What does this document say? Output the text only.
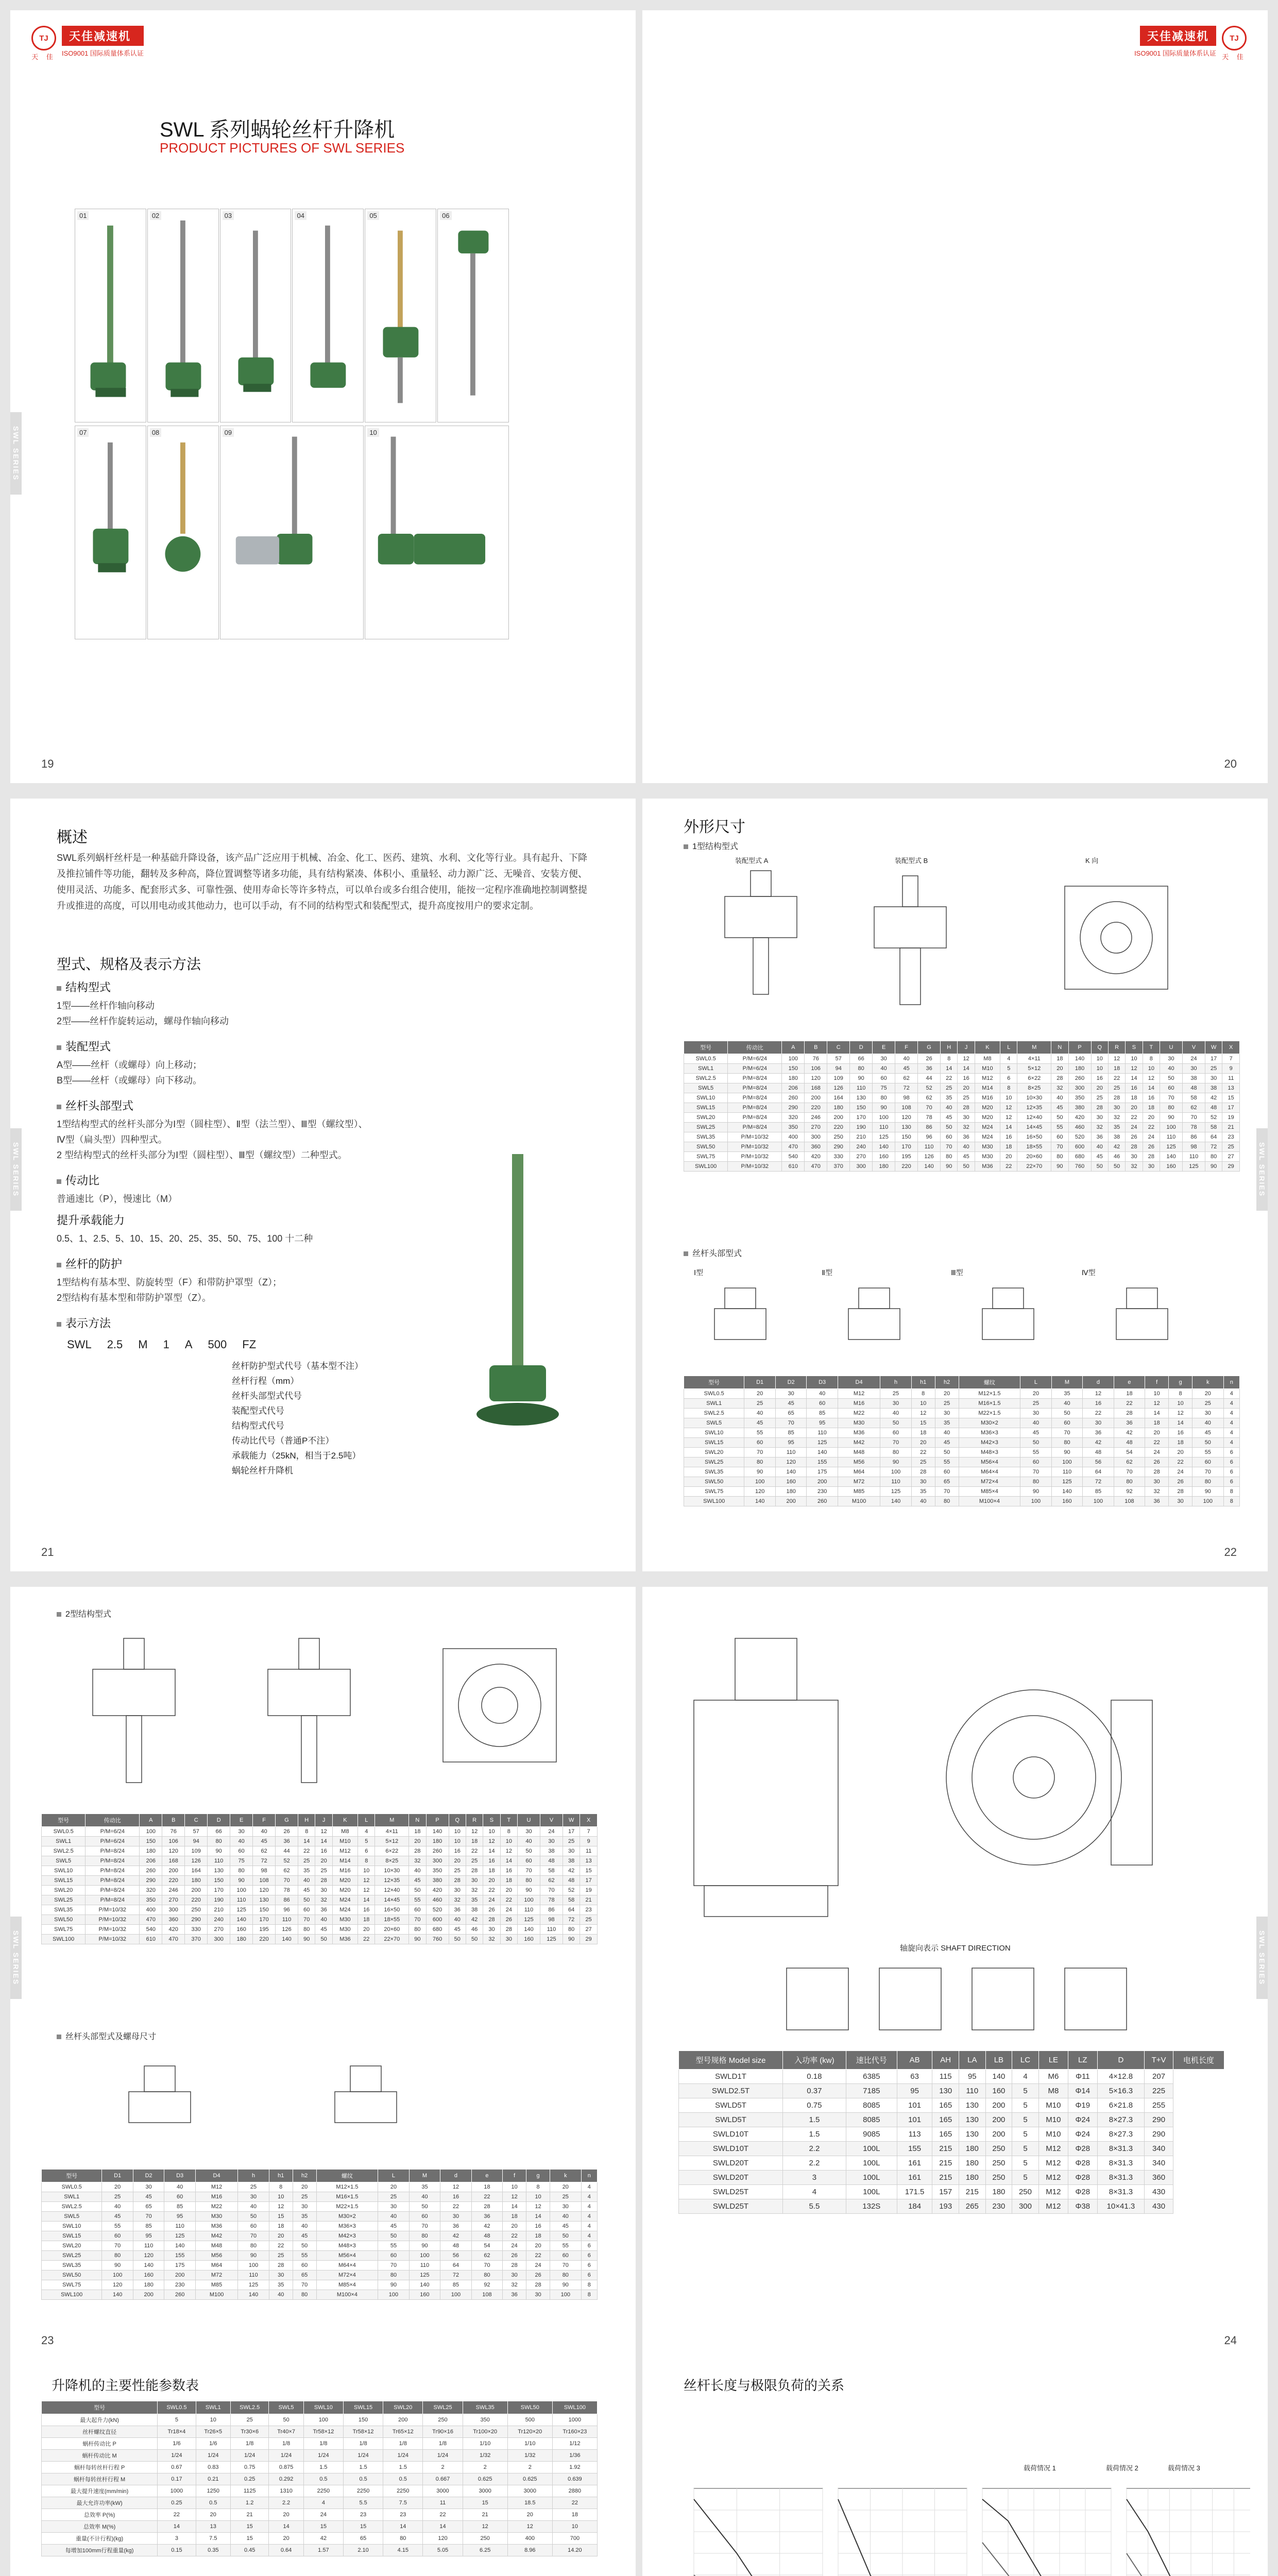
TJ
天 佳
天佳减速机
ISO9001 国际质量体系认证
SWL SERIES
SWL 系列蜗轮丝杆升降机
PRODUCT PICTURES OF SWL SERIES
19
TJ
天 佳
天佳减速机
ISO9001 国际质量体系认证
20
01	02	03	04	05	06
07	08	09	10
SWL SERIES
概述
SWL系列蜗杆丝杆是一种基础升降设备，该产品广泛应用于机械、冶金、化工、医药、建筑、水利、文化等行业。具有起升、下降及推拉铺件等功能，翻转及多种高，降位置调整等诸多功能，具有结构紧凑、体积小、重量轻、动力源广泛、无噪音、安装方便、使用灵活、功能多、配套形式多、可靠性强、使用寿命长等许多特点，可以单台或多台组合使用，能按一定程序准确地控制调整提升或推进的高度，可以用电动或其他动力，也可以手动，有不同的结构型式和装配型式，提升高度按用户的要求定制。
型式、规格及表示方法
结构型式
1型——丝杆作轴向移动
2型——丝杆作旋转运动，螺母作轴向移动
装配型式
A型——丝杆（或螺母）向上移动；
B型——丝杆（或螺母）向下移动。
丝杆头部型式
1型结构型式的丝杆头部分为Ⅰ型（圆柱型）、Ⅱ型（法兰型）、Ⅲ型（螺纹型）、
Ⅳ型（扁头型）四种型式。
2 型结构型式的丝杆头部分为Ⅰ型（圆柱型）、Ⅲ型（螺纹型）二种型式。
传动比
普通速比（P），慢速比（M）
提升承载能力
0.5、1、2.5、5、10、15、20、25、35、50、75、100 十二种
丝杆的防护
1型结构有基本型、防旋转型（F）和带防护罩型（Z）；
2型结构有基本型和带防护罩型（Z）。
表示方法
SWL 2.5 M 1 A 500 FZ
丝杆防护型式代号（基本型不注）
丝杆行程（mm）
丝杆头部型式代号
装配型式代号
结构型式代号
传动比代号（普通P不注）
承载能力（25kN，相当于2.5吨）
蜗轮丝杆升降机
21
SWL SERIES
外形尺寸
1型结构型式
装配型式 A	装配型式 B	K 向
型号	传动比	A	B	C	D	E	F	G	H	J	K	L	M	N	P	Q	R	S	T	U	V	W	X
SWL0.5	P/M=6/24	100	76	57	66	30	40	26	8	12	M8	4	4×11	18	140	10	12	10	8	30	24	17	7
SWL1	P/M=6/24	150	106	94	80	40	45	36	14	14	M10	5	5×12	20	180	10	18	12	10	40	30	25	9
SWL2.5	P/M=8/24	180	120	109	90	60	62	44	22	16	M12	6	6×22	28	260	16	22	14	12	50	38	30	11
SWL5	P/M=8/24	206	168	126	110	75	72	52	25	20	M14	8	8×25	32	300	20	25	16	14	60	48	38	13
SWL10	P/M=8/24	260	200	164	130	80	98	62	35	25	M16	10	10×30	40	350	25	28	18	16	70	58	42	15
SWL15	P/M=8/24	290	220	180	150	90	108	70	40	28	M20	12	12×35	45	380	28	30	20	18	80	62	48	17
SWL20	P/M=8/24	320	246	200	170	100	120	78	45	30	M20	12	12×40	50	420	30	32	22	20	90	70	52	19
SWL25	P/M=8/24	350	270	220	190	110	130	86	50	32	M24	14	14×45	55	460	32	35	24	22	100	78	58	21
SWL35	P/M=10/32	400	300	250	210	125	150	96	60	36	M24	16	16×50	60	520	36	38	26	24	110	86	64	23
SWL50	P/M=10/32	470	360	290	240	140	170	110	70	40	M30	18	18×55	70	600	40	42	28	26	125	98	72	25
SWL75	P/M=10/32	540	420	330	270	160	195	126	80	45	M30	20	20×60	80	680	45	46	30	28	140	110	80	27
SWL100	P/M=10/32	610	470	370	300	180	220	140	90	50	M36	22	22×70	90	760	50	50	32	30	160	125	90	29
丝杆头部型式
Ⅰ型	Ⅱ型	Ⅲ型	Ⅳ型
型号	D1	D2	D3	D4	h	h1	h2	螺纹	L	M	d	e	f	g	k	n
SWL0.5	20	30	40	M12	25	8	20	M12×1.5	20	35	12	18	10	8	20	4
SWL1	25	45	60	M16	30	10	25	M16×1.5	25	40	16	22	12	10	25	4
SWL2.5	40	65	85	M22	40	12	30	M22×1.5	30	50	22	28	14	12	30	4
SWL5	45	70	95	M30	50	15	35	M30×2	40	60	30	36	18	14	40	4
SWL10	55	85	110	M36	60	18	40	M36×3	45	70	36	42	20	16	45	4
SWL15	60	95	125	M42	70	20	45	M42×3	50	80	42	48	22	18	50	4
SWL20	70	110	140	M48	80	22	50	M48×3	55	90	48	54	24	20	55	6
SWL25	80	120	155	M56	90	25	55	M56×4	60	100	56	62	26	22	60	6
SWL35	90	140	175	M64	100	28	60	M64×4	70	110	64	70	28	24	70	6
SWL50	100	160	200	M72	110	30	65	M72×4	80	125	72	80	30	26	80	6
SWL75	120	180	230	M85	125	35	70	M85×4	90	140	85	92	32	28	90	8
SWL100	140	200	260	M100	140	40	80	M100×4	100	160	100	108	36	30	100	8
22
SWL SERIES
2型结构型式
型号	传动比	A	B	C	D	E	F	G	H	J	K	L	M	N	P	Q	R	S	T	U	V	W	X
SWL0.5	P/M=6/24	100	76	57	66	30	40	26	8	12	M8	4	4×11	18	140	10	12	10	8	30	24	17	7
SWL1	P/M=6/24	150	106	94	80	40	45	36	14	14	M10	5	5×12	20	180	10	18	12	10	40	30	25	9
SWL2.5	P/M=8/24	180	120	109	90	60	62	44	22	16	M12	6	6×22	28	260	16	22	14	12	50	38	30	11
SWL5	P/M=8/24	206	168	126	110	75	72	52	25	20	M14	8	8×25	32	300	20	25	16	14	60	48	38	13
SWL10	P/M=8/24	260	200	164	130	80	98	62	35	25	M16	10	10×30	40	350	25	28	18	16	70	58	42	15
SWL15	P/M=8/24	290	220	180	150	90	108	70	40	28	M20	12	12×35	45	380	28	30	20	18	80	62	48	17
SWL20	P/M=8/24	320	246	200	170	100	120	78	45	30	M20	12	12×40	50	420	30	32	22	20	90	70	52	19
SWL25	P/M=8/24	350	270	220	190	110	130	86	50	32	M24	14	14×45	55	460	32	35	24	22	100	78	58	21
SWL35	P/M=10/32	400	300	250	210	125	150	96	60	36	M24	16	16×50	60	520	36	38	26	24	110	86	64	23
SWL50	P/M=10/32	470	360	290	240	140	170	110	70	40	M30	18	18×55	70	600	40	42	28	26	125	98	72	25
SWL75	P/M=10/32	540	420	330	270	160	195	126	80	45	M30	20	20×60	80	680	45	46	30	28	140	110	80	27
SWL100	P/M=10/32	610	470	370	300	180	220	140	90	50	M36	22	22×70	90	760	50	50	32	30	160	125	90	29
丝杆头部型式及螺母尺寸
型号	D1	D2	D3	D4	h	h1	h2	螺纹	L	M	d	e	f	g	k	n
SWL0.5	20	30	40	M12	25	8	20	M12×1.5	20	35	12	18	10	8	20	4
SWL1	25	45	60	M16	30	10	25	M16×1.5	25	40	16	22	12	10	25	4
SWL2.5	40	65	85	M22	40	12	30	M22×1.5	30	50	22	28	14	12	30	4
SWL5	45	70	95	M30	50	15	35	M30×2	40	60	30	36	18	14	40	4
SWL10	55	85	110	M36	60	18	40	M36×3	45	70	36	42	20	16	45	4
SWL15	60	95	125	M42	70	20	45	M42×3	50	80	42	48	22	18	50	4
SWL20	70	110	140	M48	80	22	50	M48×3	55	90	48	54	24	20	55	6
SWL25	80	120	155	M56	90	25	55	M56×4	60	100	56	62	26	22	60	6
SWL35	90	140	175	M64	100	28	60	M64×4	70	110	64	70	28	24	70	6
SWL50	100	160	200	M72	110	30	65	M72×4	80	125	72	80	30	26	80	6
SWL75	120	180	230	M85	125	35	70	M85×4	90	140	85	92	32	28	90	8
SWL100	140	200	260	M100	140	40	80	M100×4	100	160	100	108	36	30	100	8
23
SWL SERIES
轴旋向表示 SHAFT DIRECTION
型号规格 Model size	入功率 (kw)	速比代号	AB	AH	LA	LB	LC	LE	LZ	D	T+V	电机长度
SWLD1T	0.18	6385	63	115	95	140	4	M6	Φ11	4×12.8	207	
SWLD2.5T	0.37	7185	95	130	110	160	5	M8	Φ14	5×16.3	225	
SWLD5T	0.75	8085	101	165	130	200	5	M10	Φ19	6×21.8	255	
SWLD5T	1.5	8085	101	165	130	200	5	M10	Φ24	8×27.3	290	
SWLD10T	1.5	9085	113	165	130	200	5	M10	Φ24	8×27.3	290	
SWLD10T	2.2	100L	155	215	180	250	5	M12	Φ28	8×31.3	340	
SWLD20T	2.2	100L	161	215	180	250	5	M12	Φ28	8×31.3	340	
SWLD20T	3	100L	161	215	180	250	5	M12	Φ28	8×31.3	360	
SWLD25T	4	100L	171.5	157	215	180	250	M12	Φ28	8×31.3	430	
SWLD25T	5.5	132S	184	193	265	230	300	M12	Φ38	10×41.3	430	
24
升降机的主要性能参数表
型号	SWL0.5	SWL1	SWL2.5	SWL5	SWL10	SWL15	SWL20	SWL25	SWL35	SWL50	SWL100
最大起升力(kN)	5	10	25	50	100	150	200	250	350	500	1000
丝杆螺纹直径	Tr18×4	Tr26×5	Tr30×6	Tr40×7	Tr58×12	Tr58×12	Tr65×12	Tr90×16	Tr100×20	Tr120×20	Tr160×23
蜗杆传动比 P	1/6	1/6	1/8	1/8	1/8	1/8	1/8	1/8	1/10	1/10	1/12
蜗杆传动比 M	1/24	1/24	1/24	1/24	1/24	1/24	1/24	1/24	1/32	1/32	1/36
蜗杆每转丝杆行程 P	0.67	0.83	0.75	0.875	1.5	1.5	1.5	2	2	2	1.92
蜗杆每转丝杆行程 M	0.17	0.21	0.25	0.292	0.5	0.5	0.5	0.667	0.625	0.625	0.639
最大提升速度(mm/min)	1000	1250	1125	1310	2250	2250	2250	3000	3000	3000	2880
最大允许功率(kW)	0.25	0.5	1.2	2.2	4	5.5	7.5	11	15	18.5	22
总效率 P(%)	22	20	21	20	24	23	23	22	21	20	18
总效率 M(%)	14	13	15	14	15	15	14	14	12	12	10
重量(不计行程)(kg)	3	7.5	15	20	42	65	80	120	250	400	700
每增加100mm行程重量(kg)	0.15	0.35	0.45	0.64	1.57	2.10	4.15	5.05	6.25	8.96	14.20

丝杆长度与极限负荷的关系
载荷情况 1	载荷情况 2	载荷情况 3
